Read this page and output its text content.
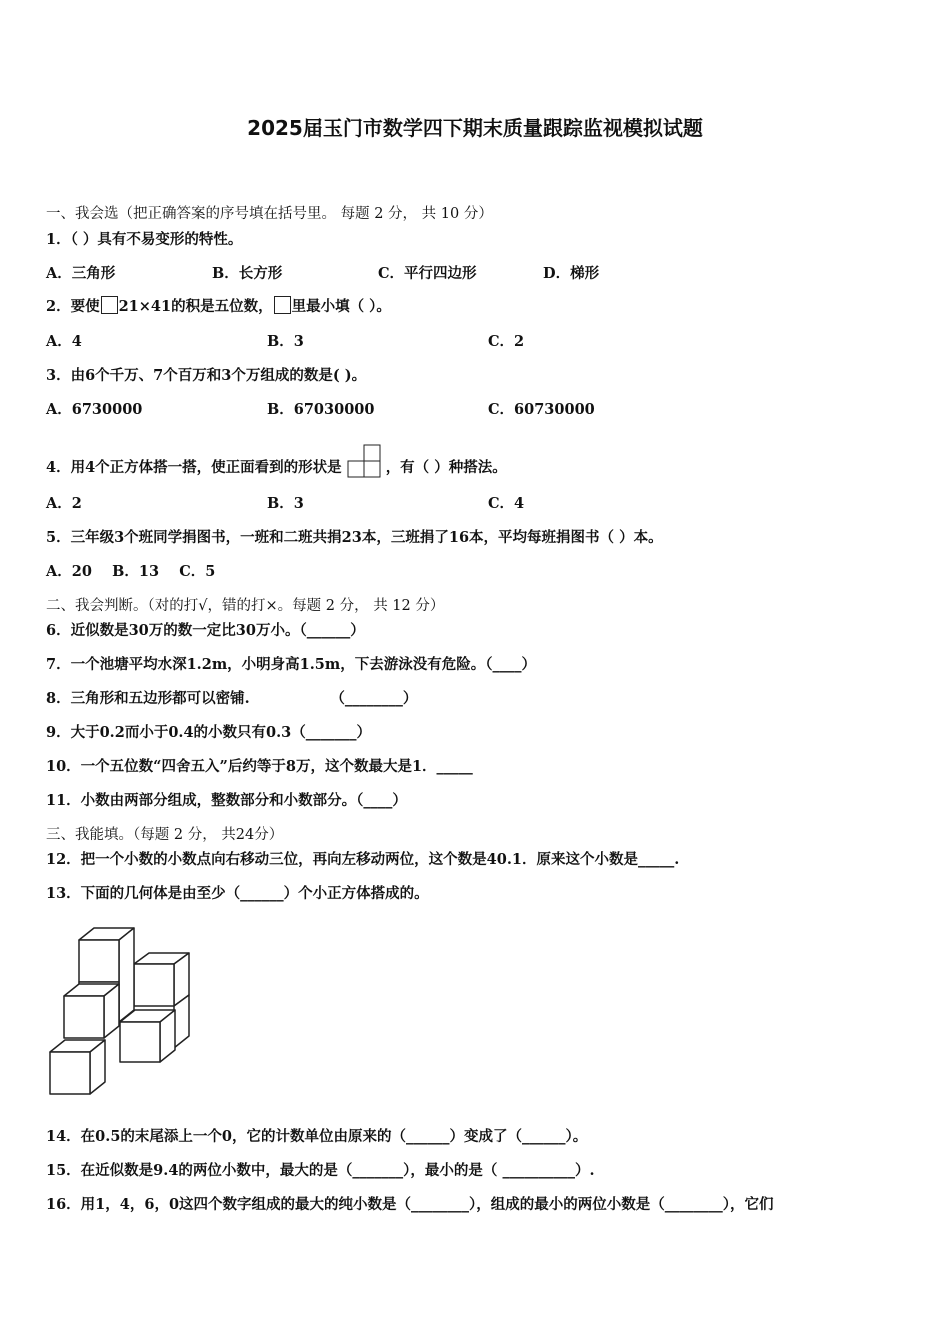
2025届玉门市数学四下期末质量跟踪监视模拟试题
一、我会选（把正确答案的序号填在括号里。 每题 2 分， 共 10 分）
1．（ ）具有不易变形的特性。
A．三角形	B．长方形	C．平行四边形	D．梯形
2．要使 21×41的积是五位数， 里最小填（ ）。
A．4	B．3	C．2
3．由6个千万、7个百万和3个万组成的数是( )。
A．6730000	B．67030000	C．60730000
4．用4个正方体搭一搭，使正面看到的形状是	，有（ ）种搭法。
A．2	B．3	C．4
5．三年级3个班同学捐图书，一班和二班共捐23本，三班捐了16本，平均每班捐图书（ ）本。
A．20    B．13    C．5
二、我会判断。（对的打√，错的打×。每题 2 分， 共 12 分）
6．近似数是30万的数一定比30万小。（______）
7．一个池塘平均水深1.2m，小明身高1.5m，下去游泳没有危险。（____）
8．三角形和五边形都可以密铺.                （________）
9．大于0.2而小于0.4的小数只有0.3（_______）
10．一个五位数“四舍五入”后约等于8万，这个数最大是1．_____
11．小数由两部分组成，整数部分和小数部分。（____）
三、我能填。（每题 2 分， 共24分）
12．把一个小数的小数点向右移动三位，再向左移动两位，这个数是40.1．原来这个小数是_____.
13．下面的几何体是由至少（______）个小正方体搭成的。
14．在0.5的末尾添上一个0，它的计数单位由原来的（______）变成了（______）。
15．在近似数是9.4的两位小数中，最大的是（_______），最小的是（ __________）.
16．用1，4，6，0这四个数字组成的最大的纯小数是（________），组成的最小的两位小数是（________），它们
